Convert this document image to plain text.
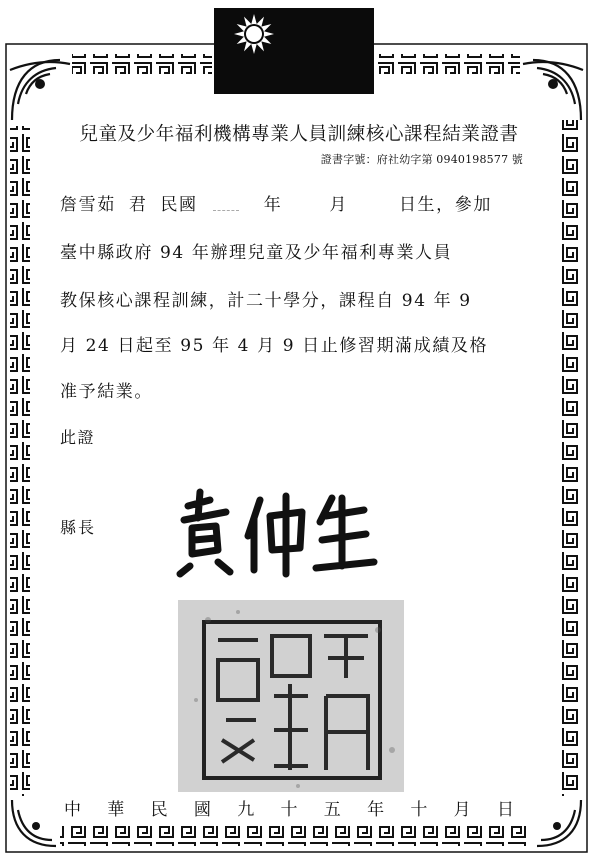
兒童及少年福利機構專業人員訓練核心課程結業證書
證書字號：府社幼字第 0940198577 號
詹雪茹 君 民國	年	月	日生，參加
臺中縣政府 94 年辦理兒童及少年福利專業人員
教保核心課程訓練，計二十學分，課程自 94 年 9
月 24 日起至 95 年 4 月 9 日止修習期滿成績及格
准予結業。
此證
縣長
中 華 民 國 九 十 五 年 十 月 日
